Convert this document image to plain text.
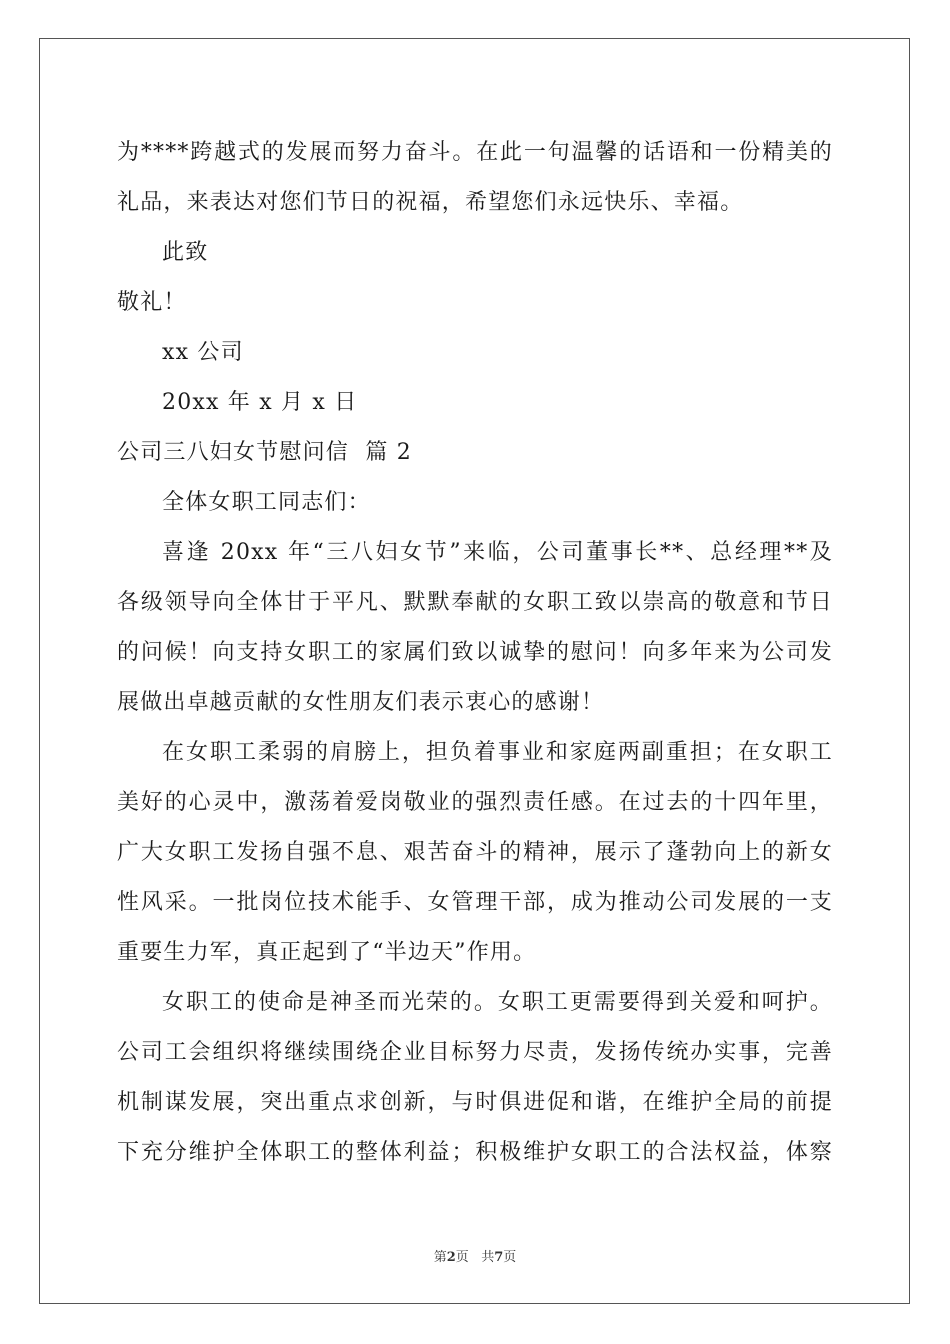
为****跨越式的发展而努力奋斗。在此一句温馨的话语和一份精美的
礼品，来表达对您们节日的祝福，希望您们永远快乐、幸福。
此致
敬礼！
xx 公司
20xx 年 x 月 x 日
公司三八妇女节慰问信  篇 2
全体女职工同志们：
喜逢 20xx 年“三八妇女节”来临，公司董事长**、总经理**及
各级领导向全体甘于平凡、默默奉献的女职工致以崇高的敬意和节日
的问候！向支持女职工的家属们致以诚挚的慰问！向多年来为公司发
展做出卓越贡献的女性朋友们表示衷心的感谢！
在女职工柔弱的肩膀上，担负着事业和家庭两副重担；在女职工
美好的心灵中，激荡着爱岗敬业的强烈责任感。在过去的十四年里，
广大女职工发扬自强不息、艰苦奋斗的精神，展示了蓬勃向上的新女
性风采。一批岗位技术能手、女管理干部，成为推动公司发展的一支
重要生力军，真正起到了“半边天”作用。
女职工的使命是神圣而光荣的。女职工更需要得到关爱和呵护。
公司工会组织将继续围绕企业目标努力尽责，发扬传统办实事，完善
机制谋发展，突出重点求创新，与时俱进促和谐，在维护全局的前提
下充分维护全体职工的整体利益；积极维护女职工的合法权益，体察
第2页 共7页
